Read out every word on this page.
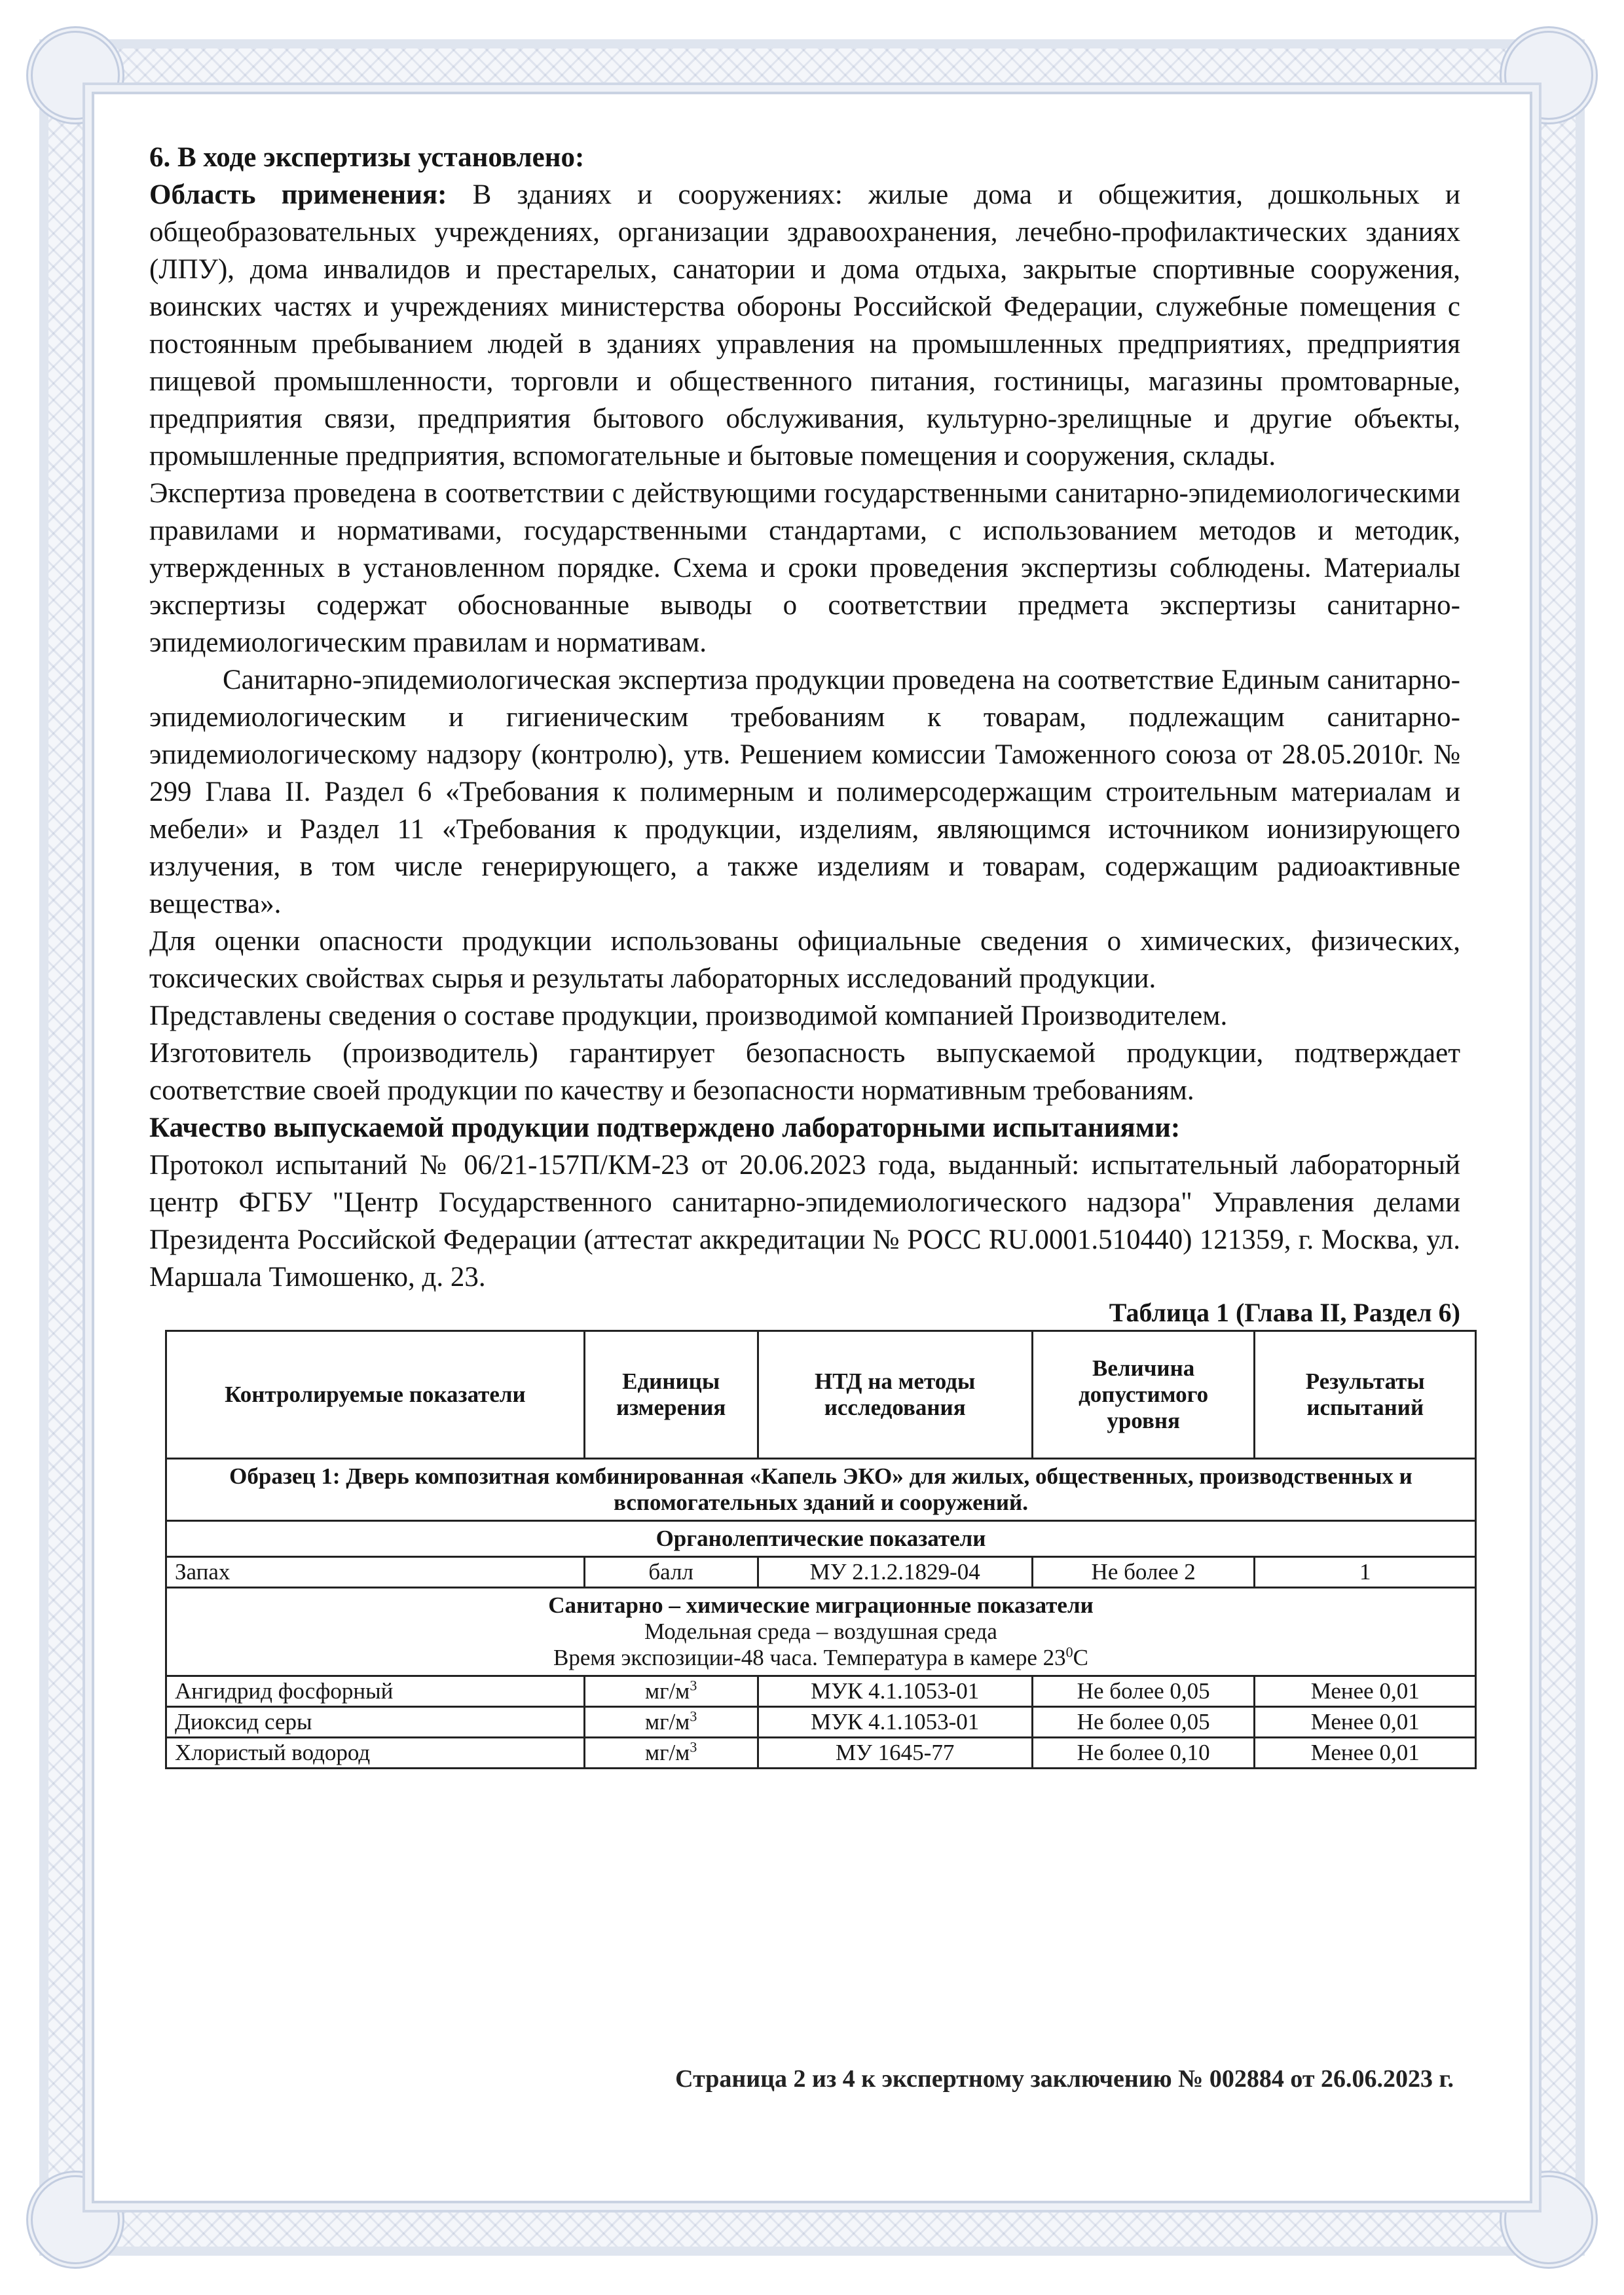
6. В ходе экспертизы установлено:

Область применения: В зданиях и сооружениях: жилые дома и общежития, дошкольных и общеобразовательных учреждениях, организации здравоохранения, лечебно-профилактических зданиях (ЛПУ), дома инвалидов и престарелых, санатории и дома отдыха, закрытые спортивные сооружения, воинских частях и учреждениях министерства обороны Российской Федерации, служебные помещения с постоянным пребыванием людей в зданиях управления на промышленных предприятиях, предприятия пищевой промышленности, торговли и общественного питания, гостиницы, магазины промтоварные, предприятия связи, предприятия бытового обслуживания, культурно-зрелищные и другие объекты, промышленные предприятия, вспомогательные и бытовые помещения и сооружения, склады.

Экспертиза проведена в соответствии с действующими государственными санитарно-эпидемиологическими правилами и нормативами, государственными стандартами, с использованием методов и методик, утвержденных в установленном порядке. Схема и сроки проведения экспертизы соблюдены. Материалы экспертизы содержат обоснованные выводы о соответствии предмета экспертизы санитарно-эпидемиологическим правилам и нормативам.

Санитарно-эпидемиологическая экспертиза продукции проведена на соответствие Единым санитарно-эпидемиологическим и гигиеническим требованиям к товарам, подлежащим санитарно-эпидемиологическому надзору (контролю), утв. Решением комиссии Таможенного союза от 28.05.2010г. № 299 Глава II. Раздел 6 «Требования к полимерным и полимерсодержащим строительным материалам и мебели» и Раздел 11 «Требования к продукции, изделиям, являющимся источником ионизирующего излучения, в том числе генерирующего, а также изделиям и товарам, содержащим радиоактивные вещества».

Для оценки опасности продукции использованы официальные сведения о химических, физических, токсических свойствах сырья и результаты лабораторных исследований продукции.

Представлены сведения о составе продукции, производимой компанией Производителем.

Изготовитель (производитель) гарантирует безопасность выпускаемой продукции, подтверждает соответствие своей продукции по качеству и безопасности нормативным требованиям.

Качество выпускаемой продукции подтверждено лабораторными испытаниями:

Протокол испытаний № 06/21-157П/КМ-23 от 20.06.2023 года, выданный: испытательный лабораторный центр ФГБУ "Центр Государственного санитарно-эпидемиологического надзора" Управления делами Президента Российской Федерации (аттестат аккредитации № РОСС RU.0001.510440) 121359, г. Москва, ул. Маршала Тимошенко, д. 23.

Таблица 1 (Глава II, Раздел 6)
Контролируемые показатели	Единицы измерения	НТД на методы исследования	Величина допустимого уровня	Результаты испытаний
Образец 1: Дверь композитная комбинированная «Капель ЭКО» для жилых, общественных, производственных и вспомогательных зданий и сооружений.				
Органолептические показатели				
Запах	балл	МУ 2.1.2.1829-04	Не более 2	1

Санитарно – химические миграционные показатели
Модельная среда – воздушная среда
Время экспозиции-48 часа. Температура в камере $23^0С$				

Ангидрид фосфорный	$мг/м^3$	МУК 4.1.1053-01	Не более 0,05	Менее 0,01
Диоксид серы	$мг/м^3$	МУК 4.1.1053-01	Не более 0,05	Менее 0,01
Хлористый водород	$мг/м^3$	МУ 1645-77	Не более 0,10	Менее 0,01
Страница 2 из 4 к экспертному заключению № 002884 от 26.06.2023 г.
